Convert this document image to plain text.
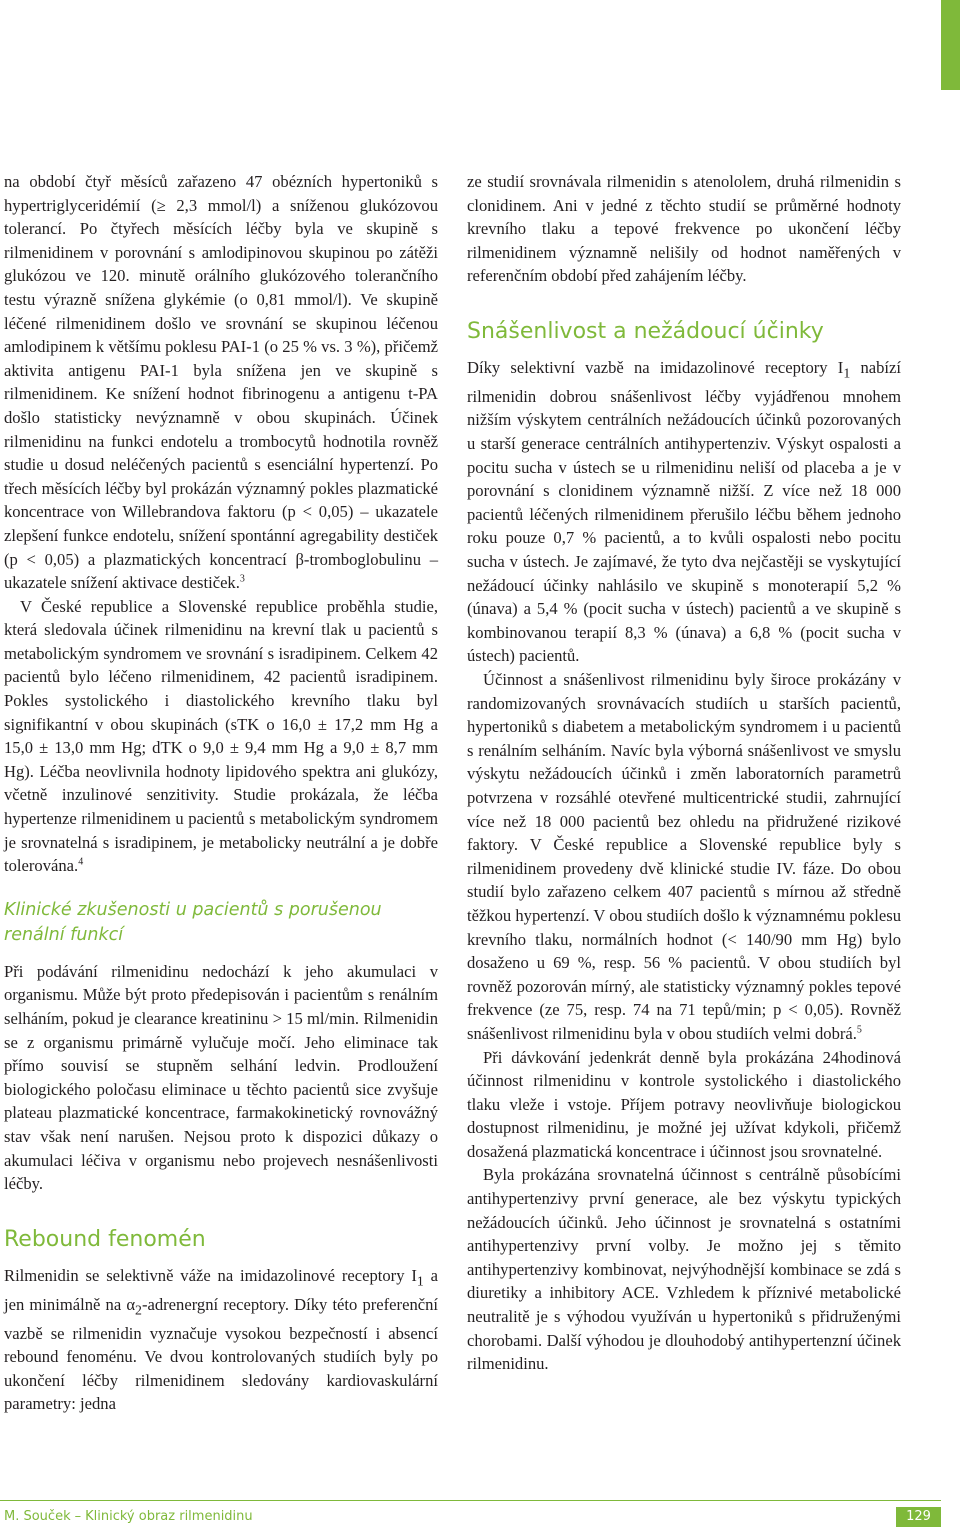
na období čtyř měsíců zařazeno 47 obézních hypertoniků s hypertriglyceridémií (≥ 2,3 mmol/l) a sníženou glukózovou tolerancí. Po čtyřech měsících léčby byla ve skupině s rilmenidinem v porovnání s amlodipinovou skupinou po zátěži glukózou ve 120. minutě orálního glukózového tolerančního testu výrazně snížena glykémie (o 0,81 mmol/l). Ve skupině léčené rilmenidinem došlo ve srovnání se skupinou léčenou amlodipinem k většímu poklesu PAI-1 (o 25 % vs. 3 %), přičemž aktivita antigenu PAI-1 byla snížena jen ve skupině s rilmenidinem. Ke snížení hodnot fibrinogenu a antigenu t-PA došlo statisticky nevýznamně v obou skupinách. Účinek rilmenidinu na funkci endotelu a trombocytů hodnotila rovněž studie u dosud neléčených pacientů s esenciální hypertenzí. Po třech měsících léčby byl prokázán významný pokles plazmatické koncentrace von Willebrandova faktoru (p < 0,05) – ukazatele zlepšení funkce endotelu, snížení spontánní agregability destiček (p < 0,05) a plazmatických koncentrací β-tromboglobulinu – ukazatele snížení aktivace destiček.$^3$

V České republice a Slovenské republice proběhla studie, která sledovala účinek rilmenidinu na krevní tlak u pacientů s metabolickým syndromem ve srovnání s isradipinem. Celkem 42 pacientů bylo léčeno rilmenidinem, 42 pacientů isradipinem. Pokles systolického i diastolického krevního tlaku byl signifikantní v obou skupinách (sTK o 16,0 ± 17,2 mm Hg a 15,0 ± 13,0 mm Hg; dTK o 9,0 ± 9,4 mm Hg a 9,0 ± 8,7 mm Hg). Léčba neovlivnila hodnoty lipidového spektra ani glukózy, včetně inzulinové senzitivity. Studie prokázala, že léčba hypertenze rilmenidinem u pacientů s metabolickým syndromem je srovnatelná s isradipinem, je metabolicky neutrální a je dobře tolerována.$^4$

Klinické zkušenosti u pacientů s porušenou renální funkcí

Při podávání rilmenidinu nedochází k jeho akumulaci v organismu. Může být proto předepisován i pacientům s renálním selháním, pokud je clearance kreatininu > 15 ml/min. Rilmenidin se z organismu primárně vylučuje močí. Jeho eliminace tak přímo souvisí se stupněm selhání ledvin. Prodloužení biologického poločasu eliminace u těchto pacientů sice zvyšuje plateau plazmatické koncentrace, farmakokinetický rovnovážný stav však není narušen. Nejsou proto k dispozici důkazy o akumulaci léčiva v organismu nebo projevech nesnášenlivosti léčby.

Rebound fenomén

Rilmenidin se selektivně váže na imidazolinové receptory $I_1$ a jen minimálně na $\alpha_2$-adrenergní receptory. Díky této preferenční vazbě se rilmenidin vyznačuje vysokou bezpečností i absencí rebound fenoménu. Ve dvou kontrolovaných studiích byly po ukončení léčby rilmenidinem sledovány kardiovaskulární parametry: jedna

ze studií srovnávala rilmenidin s atenololem, druhá rilmenidin s clonidinem. Ani v jedné z těchto studií se průměrné hodnoty krevního tlaku a tepové frekvence po ukončení léčby rilmenidinem významně nelišily od hodnot naměřených v referenčním období před zahájením léčby.

Snášenlivost a nežádoucí účinky

Díky selektivní vazbě na imidazolinové receptory $I_1$ nabízí rilmenidin dobrou snášenlivost léčby vyjádřenou mnohem nižším výskytem centrálních nežádoucích účinků pozorovaných u starší generace centrálních antihypertenziv. Výskyt ospalosti a pocitu sucha v ústech se u rilmenidinu neliší od placeba a je v porovnání s clonidinem významně nižší. Z více než 18 000 pacientů léčených rilmenidinem přerušilo léčbu během jednoho roku pouze 0,7 % pacientů, a to kvůli ospalosti nebo pocitu sucha v ústech. Je zajímavé, že tyto dva nejčastěji se vyskytující nežádoucí účinky nahlásilo ve skupině s monoterapií 5,2 % (únava) a 5,4 % (pocit sucha v ústech) pacientů a ve skupině s kombinovanou terapií 8,3 % (únava) a 6,8 % (pocit sucha v ústech) pacientů.

Účinnost a snášenlivost rilmenidinu byly široce prokázány v randomizovaných srovnávacích studiích u starších pacientů, hypertoniků s diabetem a metabolickým syndromem i u pacientů s renálním selháním. Navíc byla výborná snášenlivost ve smyslu výskytu nežádoucích účinků i změn laboratorních parametrů potvrzena v rozsáhlé otevřené multicentrické studii, zahrnující více než 18 000 pacientů bez ohledu na přidružené rizikové faktory. V České republice a Slovenské republice byly s rilmenidinem provedeny dvě klinické studie IV. fáze. Do obou studií bylo zařazeno celkem 407 pacientů s mírnou až středně těžkou hypertenzí. V obou studiích došlo k významnému poklesu krevního tlaku, normálních hodnot (< 140/90 mm Hg) bylo dosaženo u 69 %, resp. 56 % pacientů. V obou studiích byl rovněž pozorován mírný, ale statisticky významný pokles tepové frekvence (ze 75, resp. 74 na 71 tepů/min; p < 0,05). Rovněž snášenlivost rilmenidinu byla v obou studiích velmi dobrá.$^5$

Při dávkování jedenkrát denně byla prokázána 24hodinová účinnost rilmenidinu v kontrole systolického i diastolického tlaku vleže i vstoje. Příjem potravy neovlivňuje biologickou dostupnost rilmenidinu, je možné jej užívat kdykoli, přičemž dosažená plazmatická koncentrace i účinnost jsou srovnatelné.

Byla prokázána srovnatelná účinnost s centrálně působícími antihypertenzivy první generace, ale bez výskytu typických nežádoucích účinků. Jeho účinnost je srovnatelná s ostatními antihypertenzivy první volby. Je možno jej s těmito antihypertenzivy kombinovat, nejvýhodnější kombinace se zdá s diuretiky a inhibitory ACE. Vzhledem k příznivé metabolické neutralitě je s výhodou využíván u hypertoniků s přidruženými chorobami. Další výhodou je dlouhodobý antihypertenzní účinek rilmenidinu.

M. Souček – Klinický obraz rilmenidinu	129
